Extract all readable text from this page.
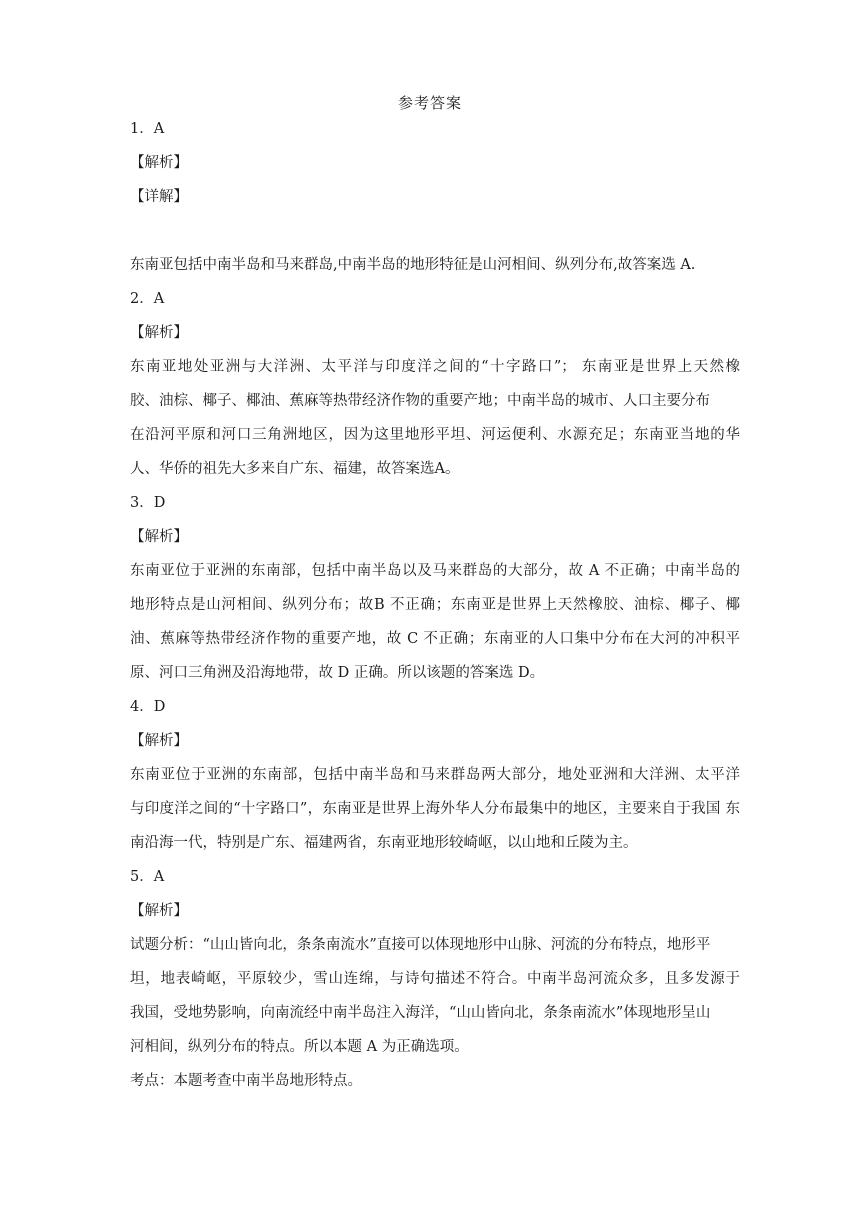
参考答案
1．A
【解析】
【详解】
东南亚包括中南半岛和马来群岛,中南半岛的地形特征是山河相间、纵列分布,故答案选 A.
2．A
【解析】
东南亚地处亚洲与大洋洲、太平洋与印度洋之间的“十字路口”； 东南亚是世界上天然橡
胶、油棕、椰子、椰油、蕉麻等热带经济作物的重要产地；中南半岛的城市、人口主要分布
在沿河平原和河口三角洲地区，因为这里地形平坦、河运便利、水源充足；东南亚当地的华
人、华侨的祖先大多来自广东、福建，故答案选A。
3．D
【解析】
东南亚位于亚洲的东南部，包括中南半岛以及马来群岛的大部分，故 A 不正确；中南半岛的
地形特点是山河相间、纵列分布；故B 不正确；东南亚是世界上天然橡胶、油棕、椰子、椰
油、蕉麻等热带经济作物的重要产地，故 C 不正确；东南亚的人口集中分布在大河的冲积平
原、河口三角洲及沿海地带，故 D 正确。所以该题的答案选 D。
4．D
【解析】
东南亚位于亚洲的东南部，包括中南半岛和马来群岛两大部分，地处亚洲和大洋洲、太平洋
与印度洋之间的“十字路口”，东南亚是世界上海外华人分布最集中的地区，主要来自于我国 东
南沿海一代，特别是广东、福建两省，东南亚地形较崎岖，以山地和丘陵为主。
5．A
【解析】
试题分析：“山山皆向北，条条南流水”直接可以体现地形中山脉、河流的分布特点，地形平
坦，地表崎岖，平原较少，雪山连绵，与诗句描述不符合。中南半岛河流众多，且多发源于
我国，受地势影响，向南流经中南半岛注入海洋，“山山皆向北，条条南流水”体现地形呈山
河相间，纵列分布的特点。所以本题 A 为正确选项。
考点：本题考查中南半岛地形特点。
